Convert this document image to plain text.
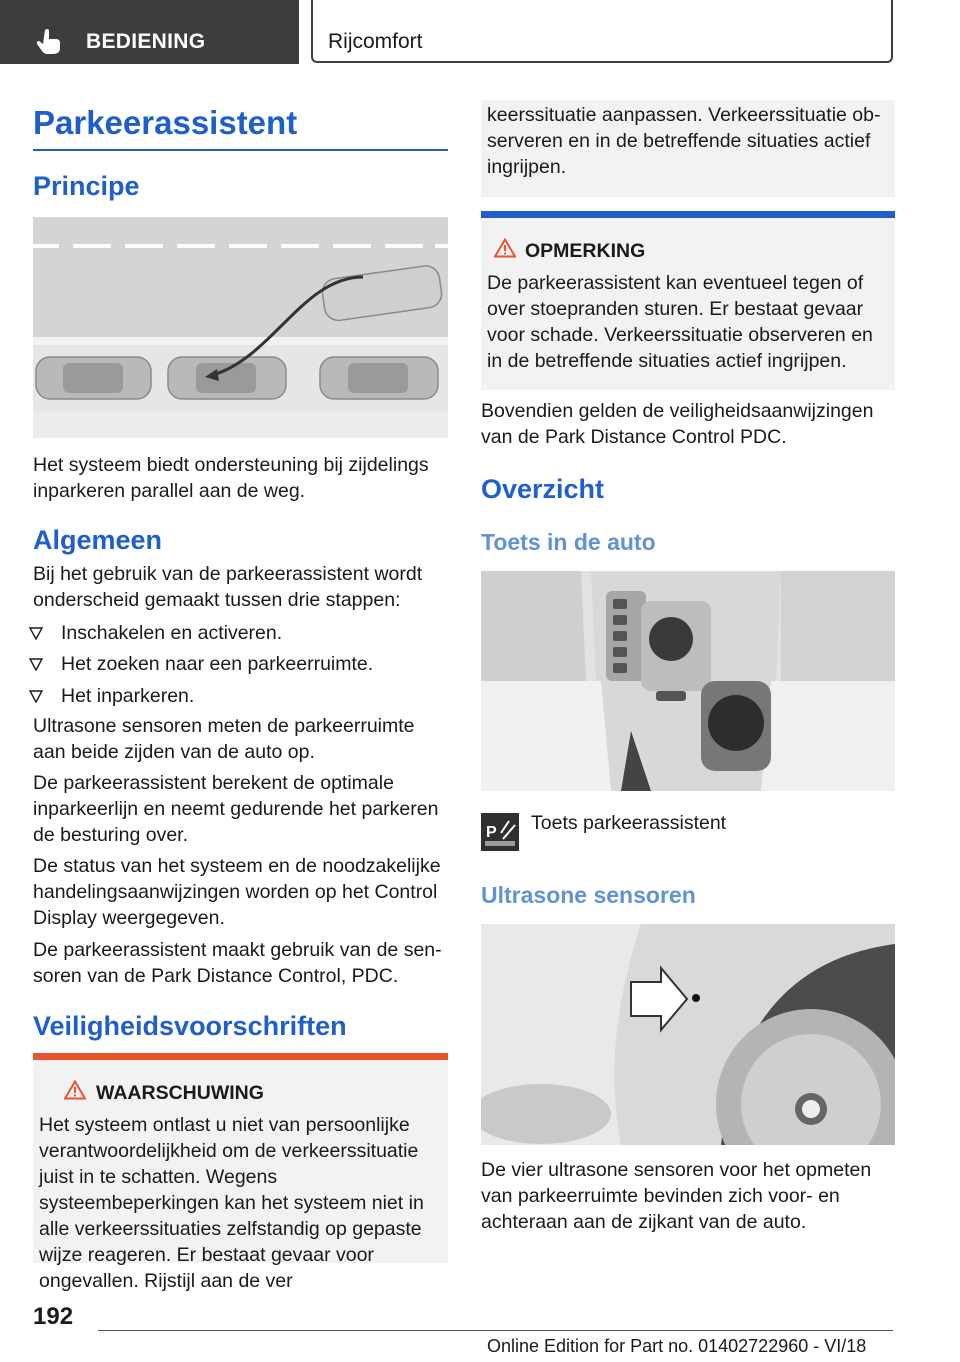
BEDIENING	Rijcomfort
Parkeerassistent
Principe

Het systeem biedt ondersteuning bij zijdelings inparkeren parallel aan de weg.

Algemeen

Bij het gebruik van de parkeerassistent wordt onderscheid gemaakt tussen drie stappen:

Inschakelen en activeren.
Het zoeken naar een parkeerruimte.
Het inparkeren.

Ultrasone sensoren meten de parkeerruimte aan beide zijden van de auto op.

De parkeerassistent berekent de optimale inparkeerlijn en neemt gedurende het parkeren de besturing over.

De status van het systeem en de noodzakelijke handelingsaanwijzingen worden op het Control Display weergegeven.

De parkeerassistent maakt gebruik van de sensoren van de Park Distance Control, PDC.

Veiligheidsvoorschriften
WAARSCHUWING

Het systeem ontlast u niet van persoonlijke verantwoordelijkheid om de verkeerssituatie juist in te schatten. Wegens systeembeperkingen kan het systeem niet in alle verkeerssituaties zelfstandig op gepaste wijze reageren. Er bestaat gevaar voor ongevallen. Rijstijl aan de ver

keerssituatie aanpassen. Verkeerssituatie observeren en in de betreffende situaties actief ingrijpen.

OPMERKING

De parkeerassistent kan eventueel tegen of over stoepranden sturen. Er bestaat gevaar voor schade. Verkeerssituatie observeren en in de betreffende situaties actief ingrijpen.

Bovendien gelden de veiligheidsaanwijzingen van de Park Distance Control PDC.

Overzicht
Toets in de auto
P Toets parkeerassistent
Ultrasone sensoren

De vier ultrasone sensoren voor het opmeten van parkeerruimte bevinden zich voor- en achteraan aan de zijkant van de auto.

192
Online Edition for Part no. 01402722960 - VI/18
